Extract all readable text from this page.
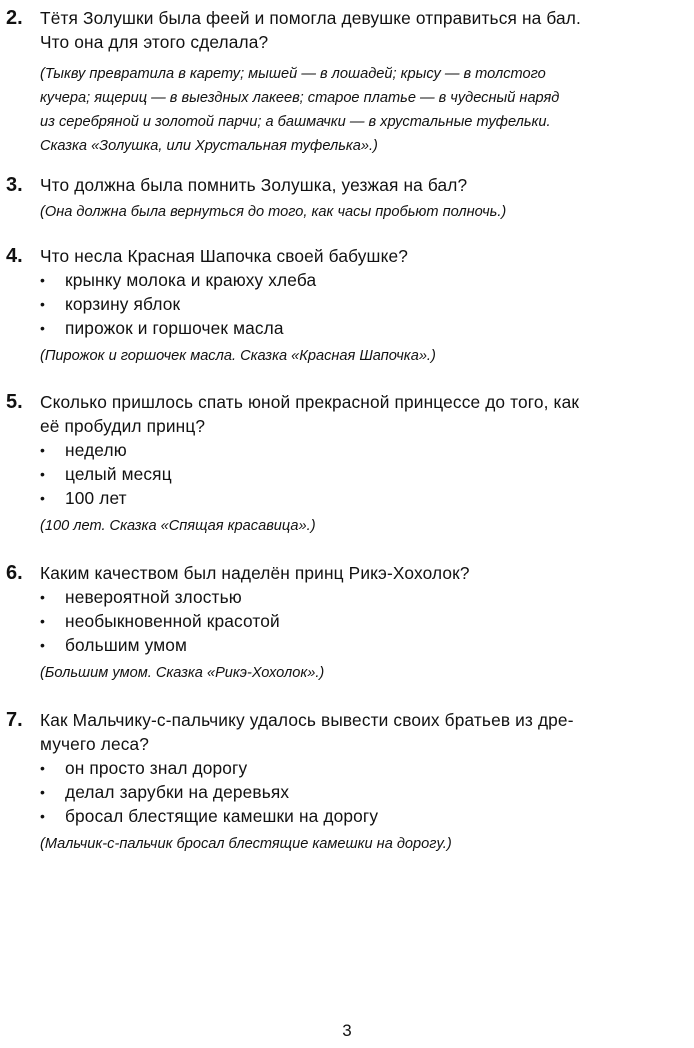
2. Тётя Золушки была феей и помогла девушке отправиться на бал.
Что она для этого сделала?
(Тыкву превратила в карету; мышей — в лошадей; крысу — в толстого
кучера; ящериц — в выездных лакеев; старое платье — в чудесный наряд
из серебряной и золотой парчи; а башмачки — в хрустальные туфельки.
Сказка «Золушка, или Хрустальная туфелька».)
3. Что должна была помнить Золушка, уезжая на бал?
(Она должна была вернуться до того, как часы пробьют полночь.)
4. Что несла Красная Шапочка своей бабушке?
• крынку молока и краюху хлеба
• корзину яблок
• пирожок и горшочек масла
(Пирожок и горшочек масла. Сказка «Красная Шапочка».)
5. Сколько пришлось спать юной прекрасной принцессе до того, как
её пробудил принц?
• неделю
• целый месяц
• 100 лет
(100 лет. Сказка «Спящая красавица».)
6. Каким качеством был наделён принц Рикэ-Хохолок?
• невероятной злостью
• необыкновенной красотой
• большим умом
(Большим умом. Сказка «Рикэ-Хохолок».)
7. Как Мальчику-с-пальчику удалось вывести своих братьев из дре-
мучего леса?
• он просто знал дорогу
• делал зарубки на деревьях
• бросал блестящие камешки на дорогу
(Мальчик-с-пальчик бросал блестящие камешки на дорогу.)
3
